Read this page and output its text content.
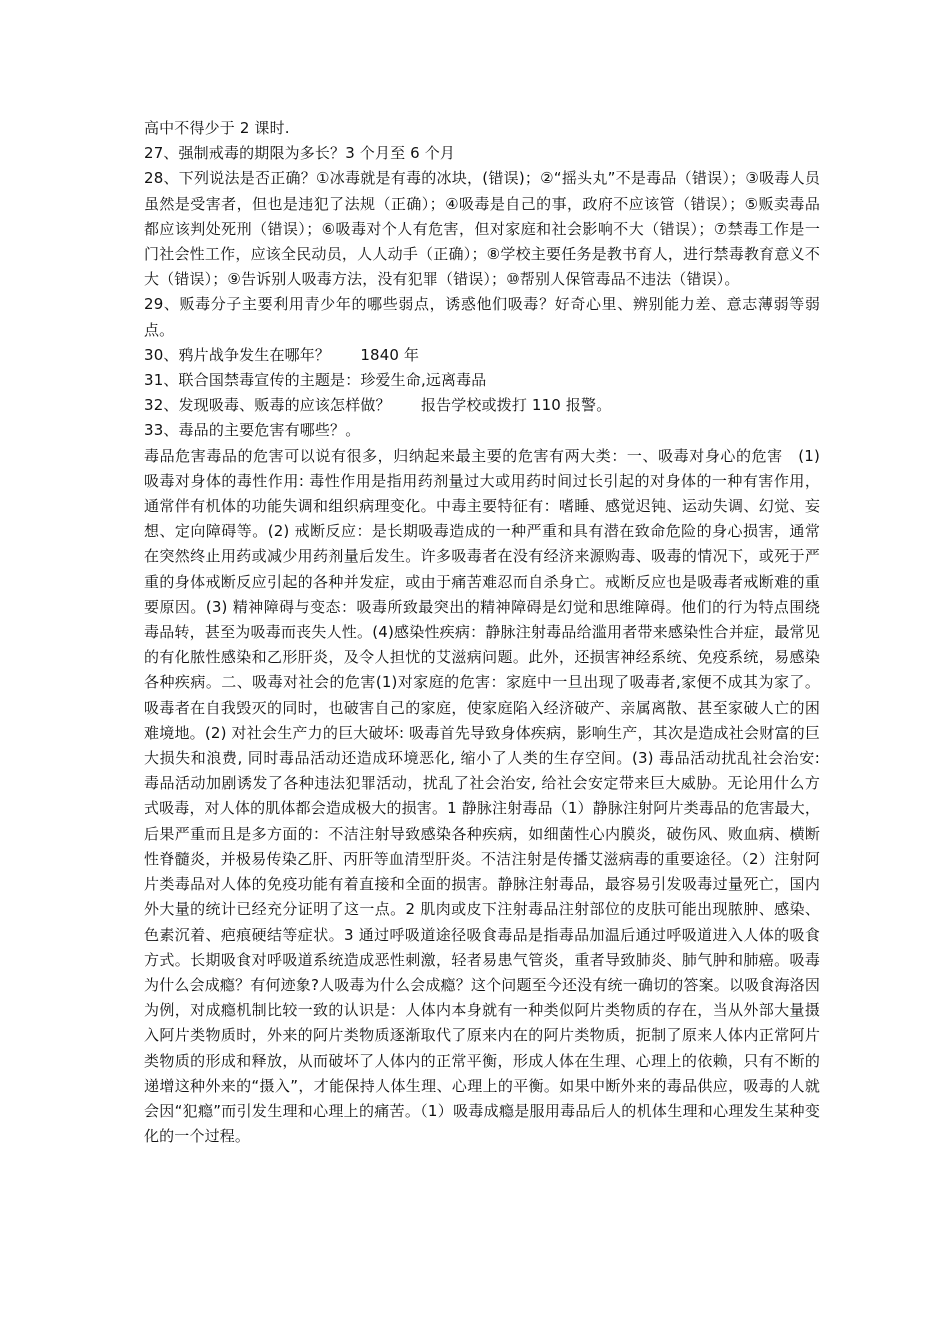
高中不得少于 2 课时.

27、强制戒毒的期限为多长？3 个月至 6 个月

28、下列说法是否正确？①冰毒就是有毒的冰块，(错误)；②“摇头丸”不是毒品（错误）；③吸毒人员虽然是受害者，但也是违犯了法规（正确）；④吸毒是自己的事，政府不应该管（错误）；⑤贩卖毒品都应该判处死刑（错误）；⑥吸毒对个人有危害，但对家庭和社会影响不大（错误）；⑦禁毒工作是一门社会性工作，应该全民动员，人人动手（正确）；⑧学校主要任务是教书育人，进行禁毒教育意义不大（错误）；⑨告诉别人吸毒方法，没有犯罪（错误）；⑩帮别人保管毒品不违法（错误）。

29、贩毒分子主要利用青少年的哪些弱点，诱惑他们吸毒？好奇心里、辨别能力差、意志薄弱等弱点。

30、鸦片战争发生在哪年？　　1840 年

31、联合国禁毒宣传的主题是：珍爱生命,远离毒品

32、发现吸毒、贩毒的应该怎样做？　　报告学校或拨打 110 报警。

33、毒品的主要危害有哪些？。

毒品危害毒品的危害可以说有很多，归纳起来最主要的危害有两大类：一、吸毒对身心的危害　(1) 吸毒对身体的毒性作用: 毒性作用是指用药剂量过大或用药时间过长引起的对身体的一种有害作用，通常伴有机体的功能失调和组织病理变化。中毒主要特征有：嗜睡、感觉迟钝、运动失调、幻觉、妄想、定向障碍等。(2) 戒断反应：是长期吸毒造成的一种严重和具有潜在致命危险的身心损害，通常在突然终止用药或减少用药剂量后发生。许多吸毒者在没有经济来源购毒、吸毒的情况下，或死于严重的身体戒断反应引起的各种并发症，或由于痛苦难忍而自杀身亡。戒断反应也是吸毒者戒断难的重要原因。(3) 精神障碍与变态：吸毒所致最突出的精神障碍是幻觉和思维障碍。他们的行为特点围绕毒品转，甚至为吸毒而丧失人性。(4)感染性疾病：静脉注射毒品给滥用者带来感染性合并症，最常见的有化脓性感染和乙形肝炎，及令人担忧的艾滋病问题。此外，还损害神经系统、免疫系统，易感染各种疾病。二、吸毒对社会的危害(1)对家庭的危害：家庭中一旦出现了吸毒者,家便不成其为家了。吸毒者在自我毁灭的同时，也破害自己的家庭，使家庭陷入经济破产、亲属离散、甚至家破人亡的困难境地。(2) 对社会生产力的巨大破坏: 吸毒首先导致身体疾病，影响生产，其次是造成社会财富的巨大损失和浪费, 同时毒品活动还造成环境恶化, 缩小了人类的生存空间。(3) 毒品活动扰乱社会治安: 毒品活动加剧诱发了各种违法犯罪活动，扰乱了社会治安, 给社会安定带来巨大威胁。无论用什么方式吸毒，对人体的肌体都会造成极大的损害。1 静脉注射毒品（1）静脉注射阿片类毒品的危害最大，后果严重而且是多方面的：不洁注射导致感染各种疾病，如细菌性心内膜炎，破伤风、败血病、横断性脊髓炎，并极易传染乙肝、丙肝等血清型肝炎。不洁注射是传播艾滋病毒的重要途径。（2）注射阿片类毒品对人体的免疫功能有着直接和全面的损害。静脉注射毒品，最容易引发吸毒过量死亡，国内外大量的统计已经充分证明了这一点。2 肌肉或皮下注射毒品注射部位的皮肤可能出现脓肿、感染、色素沉着、疤痕硬结等症状。3 通过呼吸道途径吸食毒品是指毒品加温后通过呼吸道进入人体的吸食方式。长期吸食对呼吸道系统造成恶性刺激，轻者易患气管炎，重者导致肺炎、肺气肿和肺癌。吸毒为什么会成瘾？有何迹象?人吸毒为什么会成瘾？这个问题至今还没有统一确切的答案。以吸食海洛因为例，对成瘾机制比较一致的认识是：人体内本身就有一种类似阿片类物质的存在，当从外部大量摄入阿片类物质时，外来的阿片类物质逐渐取代了原来内在的阿片类物质，扼制了原来人体内正常阿片类物质的形成和释放，从而破坏了人体内的正常平衡，形成人体在生理、心理上的依赖，只有不断的递增这种外来的“摄入”，才能保持人体生理、心理上的平衡。如果中断外来的毒品供应，吸毒的人就会因“犯瘾”而引发生理和心理上的痛苦。（1）吸毒成瘾是服用毒品后人的机体生理和心理发生某种变化的一个过程。
